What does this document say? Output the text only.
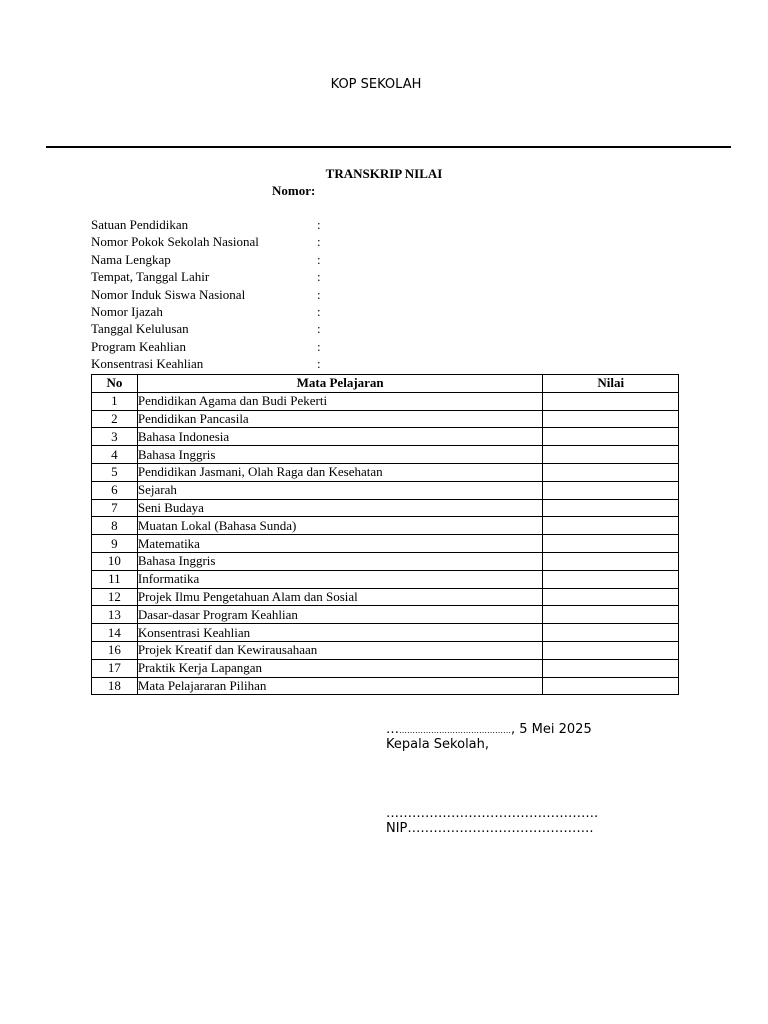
KOP SEKOLAH
TRANSKRIP NILAI
Nomor:
Satuan Pendidikan	:
Nomor Pokok Sekolah Nasional	:
Nama Lengkap	:
Tempat, Tanggal Lahir	:
Nomor Induk Siswa Nasional	:
Nomor Ijazah	:
Tanggal Kelulusan	:
Program Keahlian	:
Konsentrasi Keahlian	:
No	Mata Pelajaran	Nilai
1	Pendidikan Agama dan Budi Pekerti	
2	Pendidikan Pancasila	
3	Bahasa Indonesia	
4	Bahasa Inggris	
5	Pendidikan Jasmani, Olah Raga dan Kesehatan	
6	Sejarah	
7	Seni Budaya	
8	Muatan Lokal (Bahasa Sunda)	
9	Matematika	
10	Bahasa Inggris	
11	Informatika	
12	Projek Ilmu Pengetahuan Alam dan Sosial	
13	Dasar-dasar Program Keahlian	
14	Konsentrasi Keahlian	
16	Projek Kreatif dan Kewirausahaan	
17	Praktik Kerja Lapangan	
18	Mata Pelajararan Pilihan	
………………………………………, 5 Mei 2025
Kepala Sekolah,
………………………………………….
NIP…………………………………….
